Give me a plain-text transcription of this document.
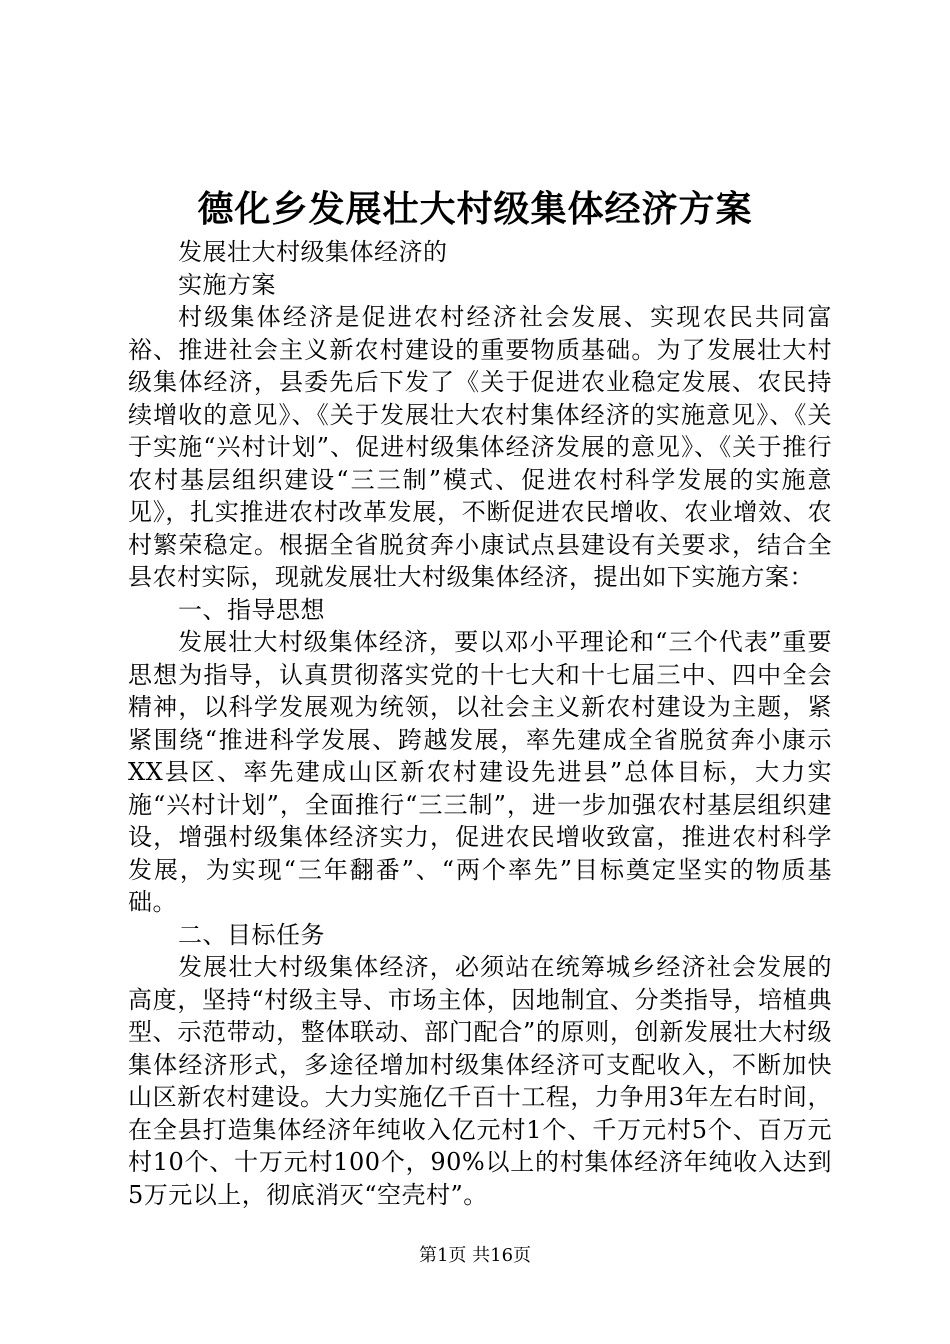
德化乡发展壮大村级集体经济方案

发展壮大村级集体经济的

实施方案

村级集体经济是促进农村经济社会发展、实现农民共同富裕、推进社会主义新农村建设的重要物质基础。为了发展壮大村级集体经济，县委先后下发了《关于促进农业稳定发展、农民持续增收的意见》、《关于发展壮大农村集体经济的实施意见》、《关于实施“兴村计划”、促进村级集体经济发展的意见》、《关于推行农村基层组织建设“三三制”模式、促进农村科学发展的实施意见》，扎实推进农村改革发展，不断促进农民增收、农业增效、农村繁荣稳定。根据全省脱贫奔小康试点县建设有关要求，结合全县农村实际，现就发展壮大村级集体经济，提出如下实施方案：

一、指导思想

发展壮大村级集体经济，要以邓小平理论和“三个代表”重要思想为指导，认真贯彻落实党的十七大和十七届三中、四中全会精神，以科学发展观为统领，以社会主义新农村建设为主题，紧紧围绕“推进科学发展、跨越发展，率先建成全省脱贫奔小康示XX县区、率先建成山区新农村建设先进县”总体目标，大力实施“兴村计划”，全面推行“三三制”，进一步加强农村基层组织建设，增强村级集体经济实力，促进农民增收致富，推进农村科学发展，为实现“三年翻番”、“两个率先”目标奠定坚实的物质基础。

二、目标任务

发展壮大村级集体经济，必须站在统筹城乡经济社会发展的高度，坚持“村级主导、市场主体，因地制宜、分类指导，培植典型、示范带动，整体联动、部门配合”的原则，创新发展壮大村级集体经济形式，多途径增加村级集体经济可支配收入，不断加快山区新农村建设。大力实施亿千百十工程，力争用3年左右时间，在全县打造集体经济年纯收入亿元村1个、千万元村5个、百万元村10个、十万元村100个，90%以上的村集体经济年纯收入达到5万元以上，彻底消灭“空壳村”。

第1页 共16页
